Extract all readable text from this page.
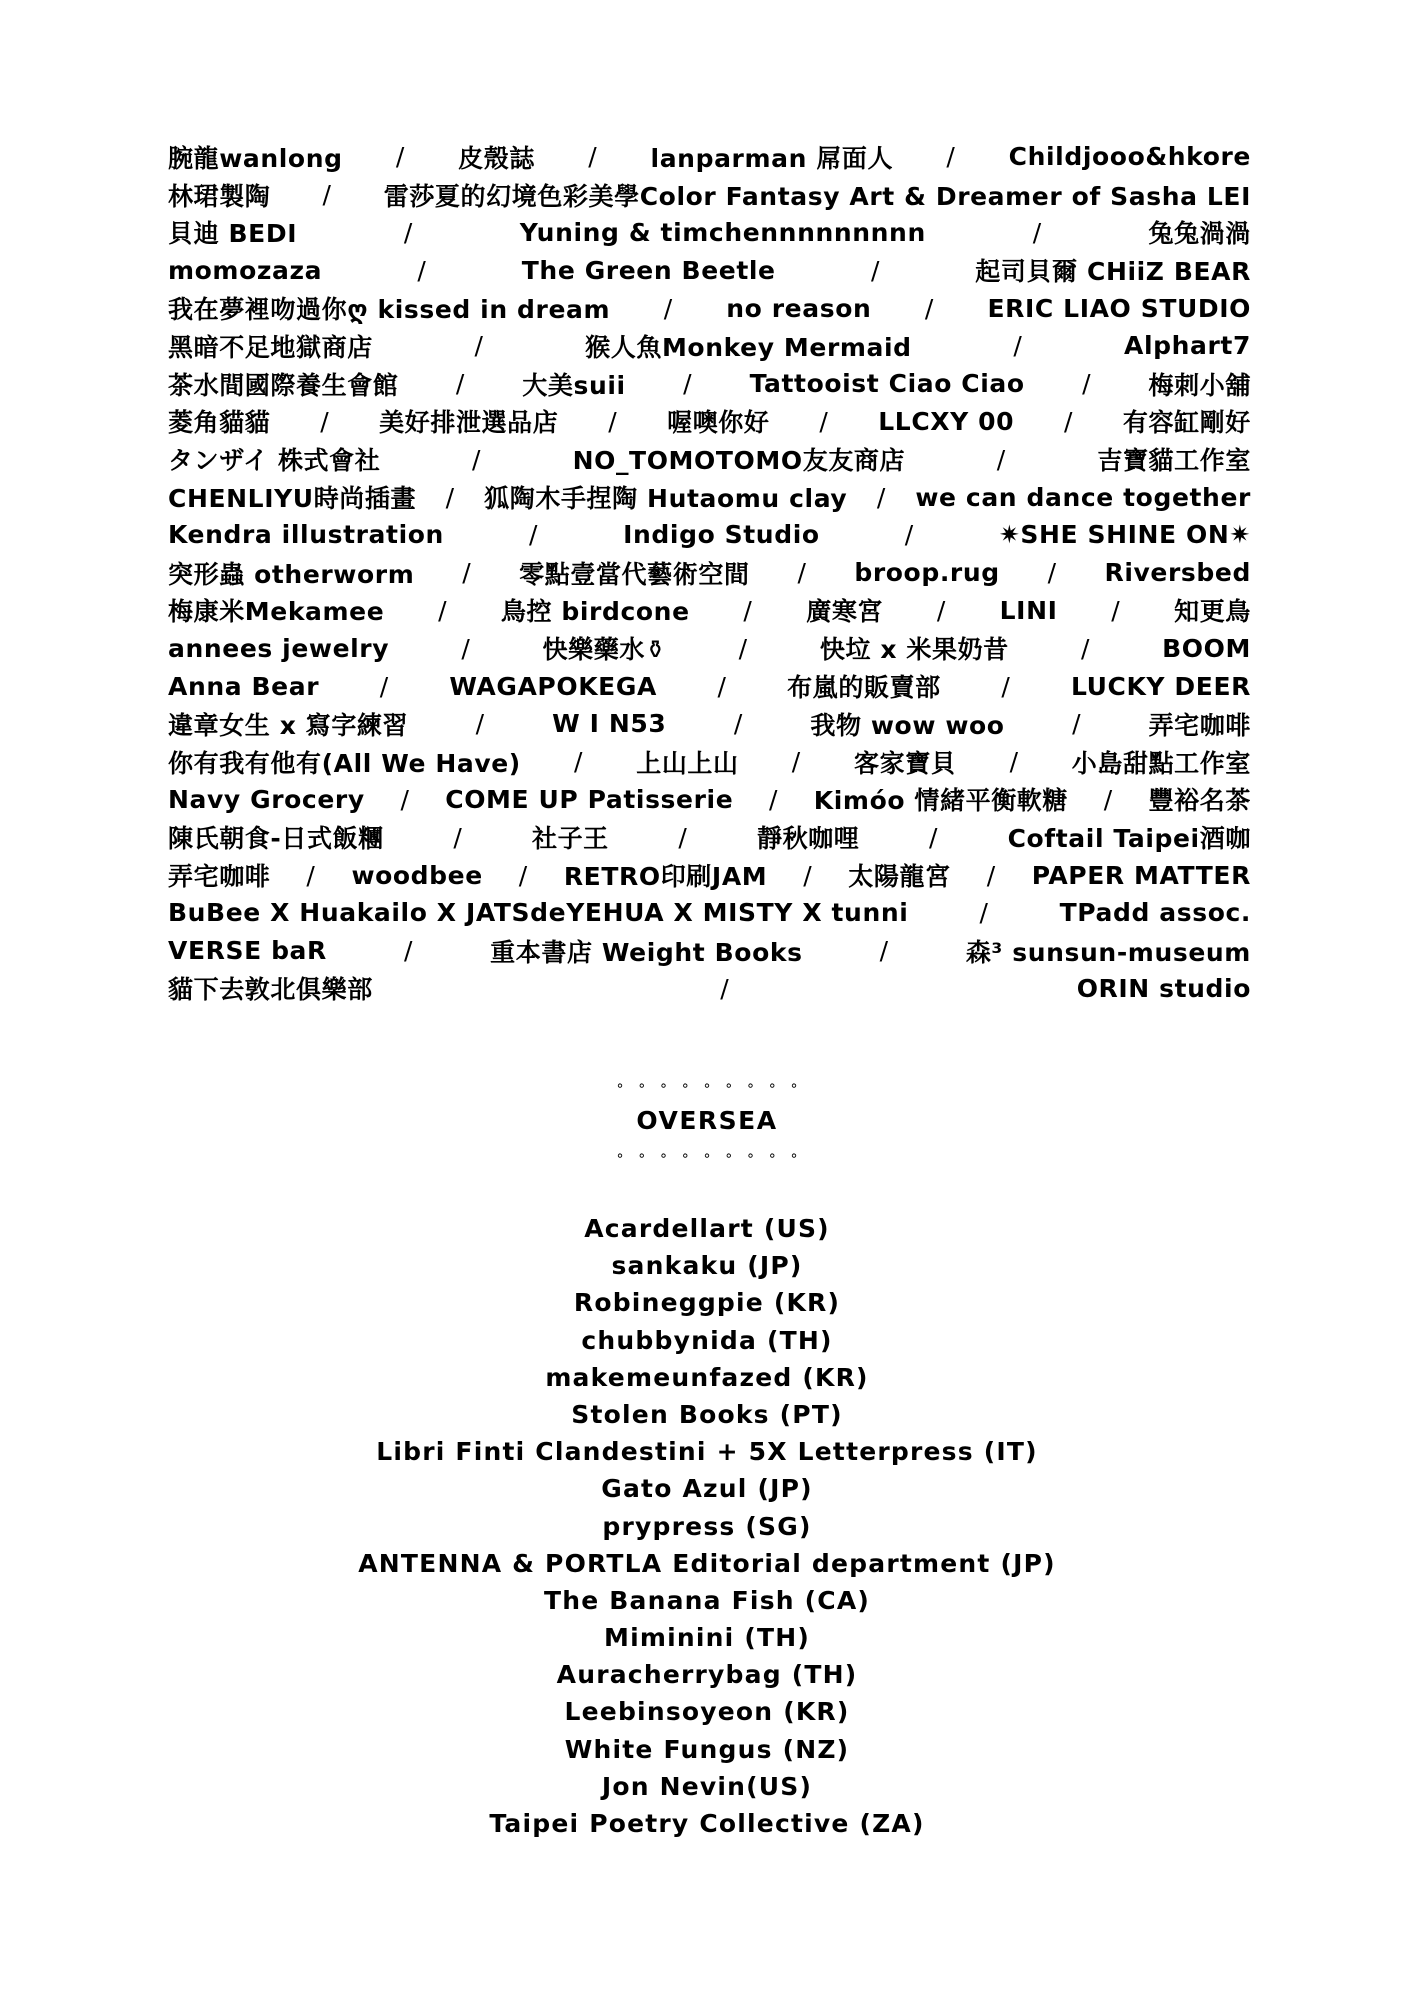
腕龍wanlong / 皮殼誌 / lanparman 屌面人 / Childjooo&hkore
林珺製陶 / 雷莎夏的幻境色彩美學Color Fantasy Art & Dreamer of Sasha LEI
貝迪 BEDI	/	Yuning & timchennnnnnnnn	/	兔兔渦渦
momozaza	/	The Green Beetle	/	起司貝爾 CHiiZ BEAR
我在夢裡吻過你ღ kissed in dream / no reason / ERIC LIAO STUDIO
黑暗不足地獄商店	/	猴人魚Monkey Mermaid	/	Alphart7
茶水間國際養生會館 / 大美suii / Tattooist Ciao Ciao / 梅刺小舖
菱角貓貓 / 美好排泄選品店 / 喔噢你好 / LLCXY 00 / 有容缸剛好
タンザイ 株式會社	/	NO_TOMOTOMO友友商店	/	吉寶貓工作室
CHENLIYU時尚插畫 / 狐陶木手捏陶 Hutaomu clay / we can dance together
Kendra illustration	/	Indigo Studio	/	✷SHE SHINE ON✷
突形蟲 otherworm / 零點壹當代藝術空間 / broop.rug / Riversbed
梅康米Mekamee / 鳥控 birdcone / 廣寒宮 / LINI / 知更鳥
annees jewelry	/	快樂藥水⚱	/	快垃 x 米果奶昔	/	BOOM
Anna Bear / WAGAPOKEGA / 布嵐的販賣部 / LUCKY DEER
違章女生 x 寫字練習	/	W I N53	/	我物 wow woo	/	弄宅咖啡
你有我有他有(All We Have) / 上山上山 / 客家寶貝 / 小島甜點工作室
Navy Grocery / COME UP Patisserie / Kimóo 情緒平衡軟糖 / 豐裕名茶
陳氏朝食-日式飯糰	/	社子王	/	靜秋咖哩	/	Coftail Taipei酒咖
弄宅咖啡 / woodbee / RETRO印刷JAM / 太陽龍宮 / PAPER MATTER
BuBee X Huakailo X JATSdeYEHUA X MISTY X tunni	/	TPadd assoc.
VERSE baR	/	重本書店 Weight Books	/	森³ sunsun-museum
貓下去敦北俱樂部	/	ORIN studio
∘∘∘∘∘∘∘∘∘
OVERSEA
∘∘∘∘∘∘∘∘∘
Acardellart (US)
sankaku (JP)
Robineggpie (KR)
chubbynida (TH)
makemeunfazed (KR)
Stolen Books (PT)
Libri Finti Clandestini + 5X Letterpress (IT)
Gato Azul (JP)
prypress (SG)
ANTENNA & PORTLA Editorial department (JP)
The Banana Fish (CA)
Miminini (TH)
Auracherrybag (TH)
Leebinsoyeon (KR)
White Fungus (NZ)
Jon Nevin(US)
Taipei Poetry Collective (ZA)
